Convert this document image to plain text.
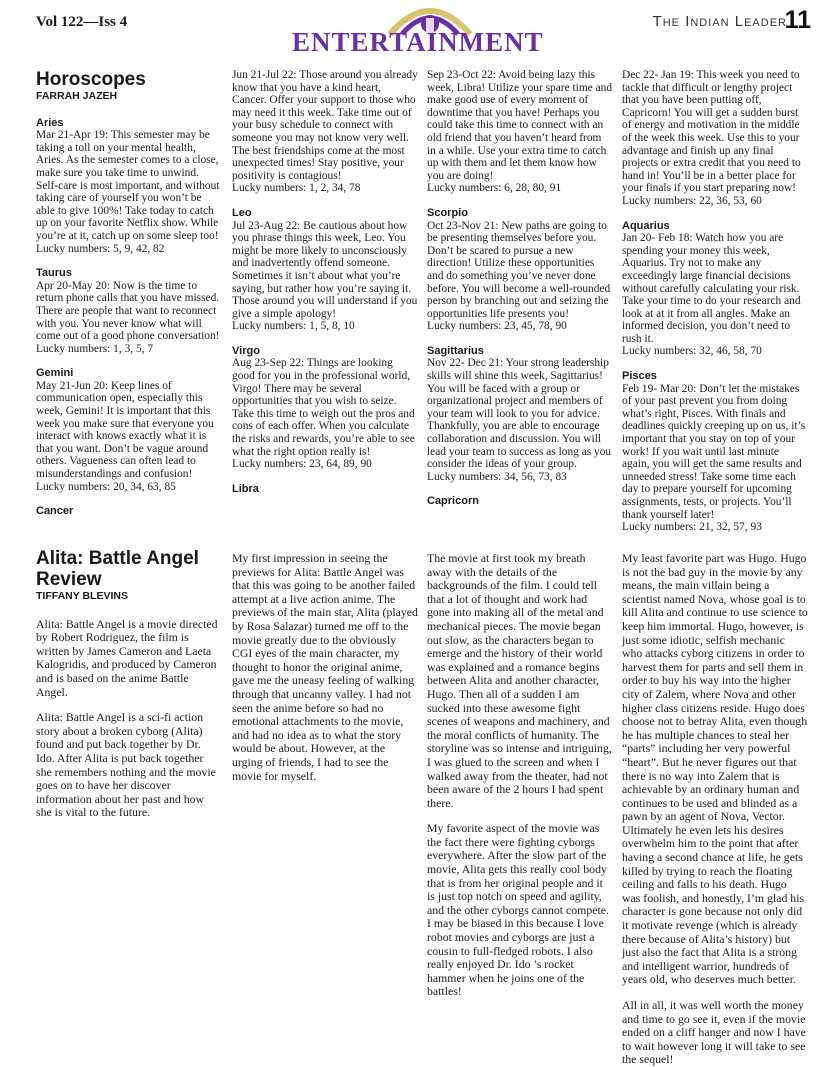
Vol 122—Iss 4
ENTERTAINMENT
The Indian Leader
11
Horoscopes
FARRAH JAZEH
Aries

Mar 21-Apr 19: This semester may be taking a toll on your mental health, Aries. As the semester comes to a close, make sure you take time to unwind. Self-care is most important, and without taking care of yourself you won’t be able to give 100%! Take today to catch up on your favorite Netflix show. While you’re at it, catch up on some sleep too!

Lucky numbers: 5, 9, 42, 82

Taurus

Apr 20-May 20: Now is the time to return phone calls that you have missed. There are people that want to reconnect with you. You never know what will come out of a good phone conversation!

Lucky numbers: 1, 3, 5, 7

Gemini

May 21-Jun 20: Keep lines of communication open, especially this week, Gemini! It is important that this week you make sure that everyone you interact with knows exactly what it is that you want. Don’t be vague around others. Vagueness can often lead to misunderstandings and confusion!

Lucky numbers: 20, 34, 63, 85

Cancer

Jun 21-Jul 22: Those around you already know that you have a kind heart, Cancer. Offer your support to those who may need it this week. Take time out of your busy schedule to connect with someone you may not know very well. The best friendships come at the most unexpected times! Stay positive, your positivity is contagious!

Lucky numbers: 1, 2, 34, 78

Leo

Jul 23-Aug 22: Be cautious about how you phrase things this week, Leo. You might be more likely to unconsciously and inadvertently offend someone. Sometimes it isn’t about what you’re saying, but rather how you’re saying it. Those around you will understand if you give a simple apology!

Lucky numbers: 1, 5, 8, 10

Virgo

Aug 23-Sep 22: Things are looking good for you in the professional world, Virgo! There may be several opportunities that you wish to seize. Take this time to weigh out the pros and cons of each offer. When you calculate the risks and rewards, you’re able to see what the right option really is!

Lucky numbers: 23, 64, 89, 90

Libra

Sep 23-Oct 22: Avoid being lazy this week, Libra! Utilize your spare time and make good use of every moment of downtime that you have! Perhaps you could take this time to connect with an old friend that you haven’t heard from in a while. Use your extra time to catch up with them and let them know how you are doing!

Lucky numbers: 6, 28, 80, 91

Scorpio

Oct 23-Nov 21: New paths are going to be presenting themselves before you. Don’t be scared to pursue a new direction! Utilize these opportunities and do something you’ve never done before. You will become a well-rounded person by branching out and seizing the opportunities life presents you!

Lucky numbers: 23, 45, 78, 90

Sagittarius

Nov 22- Dec 21: Your strong leadership skills will shine this week, Sagittarius! You will be faced with a group or organizational project and members of your team will look to you for advice. Thankfully, you are able to encourage collaboration and discussion. You will lead your team to success as long as you consider the ideas of your group.

Lucky numbers: 34, 56, 73, 83

Capricorn

Dec 22- Jan 19: This week you need to tackle that difficult or lengthy project that you have been putting off, Capricorn! You will get a sudden burst of energy and motivation in the middle of the week this week. Use this to your advantage and finish up any final projects or extra credit that you need to hand in! You’ll be in a better place for your finals if you start preparing now!

Lucky numbers: 22, 36, 53, 60

Aquarius

Jan 20- Feb 18: Watch how you are spending your money this week, Aquarius. Try not to make any exceedingly large financial decisions without carefully calculating your risk. Take your time to do your research and look at at it from all angles. Make an informed decision, you don’t need to rush it.

Lucky numbers: 32, 46, 58, 70

Pisces

Feb 19- Mar 20: Don’t let the mistakes of your past prevent you from doing what’s right, Pisces. With finals and deadlines quickly creeping up on us, it’s important that you stay on top of your work! If you wait until last minute again, you will get the same results and unneeded stress! Take some time each day to prepare yourself for upcoming assignments, tests, or projects. You’ll thank yourself later!

Lucky numbers: 21, 32, 57, 93

Alita: Battle Angel Review
TIFFANY BLEVINS

Alita: Battle Angel is a movie directed by Robert Rodriguez, the film is written by James Cameron and Laeta Kalogridis, and produced by Cameron and is based on the anime Battle Angel.

Alita: Battle Angel is a sci-fi action story about a broken cyborg (Alita) found and put back together by Dr. Ido. After Alita is put back together she remembers nothing and the movie goes on to have her discover information about her past and how she is vital to the future.

My first impression in seeing the previews for Alita: Battle Angel was that this was going to be another failed attempt at a live action anime. The previews of the main star, Alita (played by Rosa Salazar) turned me off to the movie greatly due to the obviously CGI eyes of the main character, my thought to honor the original anime, gave me the uneasy feeling of walking through that uncanny valley. I had not seen the anime before so had no emotional attachments to the movie, and had no idea as to what the story would be about. However, at the urging of friends, I had to see the movie for myself.

The movie at first took my breath away with the details of the backgrounds of the film. I could tell that a lot of thought and work had gone into making all of the metal and mechanical pieces. The movie began out slow, as the characters began to emerge and the history of their world was explained and a romance begins between Alita and another character, Hugo. Then all of a sudden I am sucked into these awesome fight scenes of weapons and machinery, and the moral conflicts of humanity. The storyline was so intense and intriguing, I was glued to the screen and when I walked away from the theater, had not been aware of the 2 hours I had spent there.

My favorite aspect of the movie was the fact there were fighting cyborgs everywhere. After the slow part of the movie, Alita gets this really cool body that is from her original people and it is just top notch on speed and agility, and the other cyborgs cannot compete. I may be biased in this because I love robot movies and cyborgs are just a cousin to full-fledged robots. I also really enjoyed Dr. Ido ’s rocket hammer when he joins one of the battles!

My least favorite part was Hugo. Hugo is not the bad guy in the movie by any means, the main villain being a scientist named Nova, whose goal is to kill Alita and continue to use science to keep him immortal. Hugo, however, is just some idiotic, selfish mechanic who attacks cyborg citizens in order to harvest them for parts and sell them in order to buy his way into the higher city of Zalem, where Nova and other higher class citizens reside. Hugo does choose not to betray Alita, even though he has multiple chances to steal her “parts” including her very powerful “heart”. But he never figures out that there is no way into Zalem that is achievable by an ordinary human and continues to be used and blinded as a pawn by an agent of Nova, Vector. Ultimately he even lets his desires overwhelm him to the point that after having a second chance at life, he gets killed by trying to reach the floating ceiling and falls to his death. Hugo was foolish, and honestly, I’m glad his character is gone because not only did it motivate revenge (which is already there because of Alita’s history) but just also the fact that Alita is a strong and intelligent warrior, hundreds of years old, who deserves much better.

All in all, it was well worth the money and time to go see it, even if the movie ended on a cliff hanger and now I have to wait however long it will take to see the sequel!
